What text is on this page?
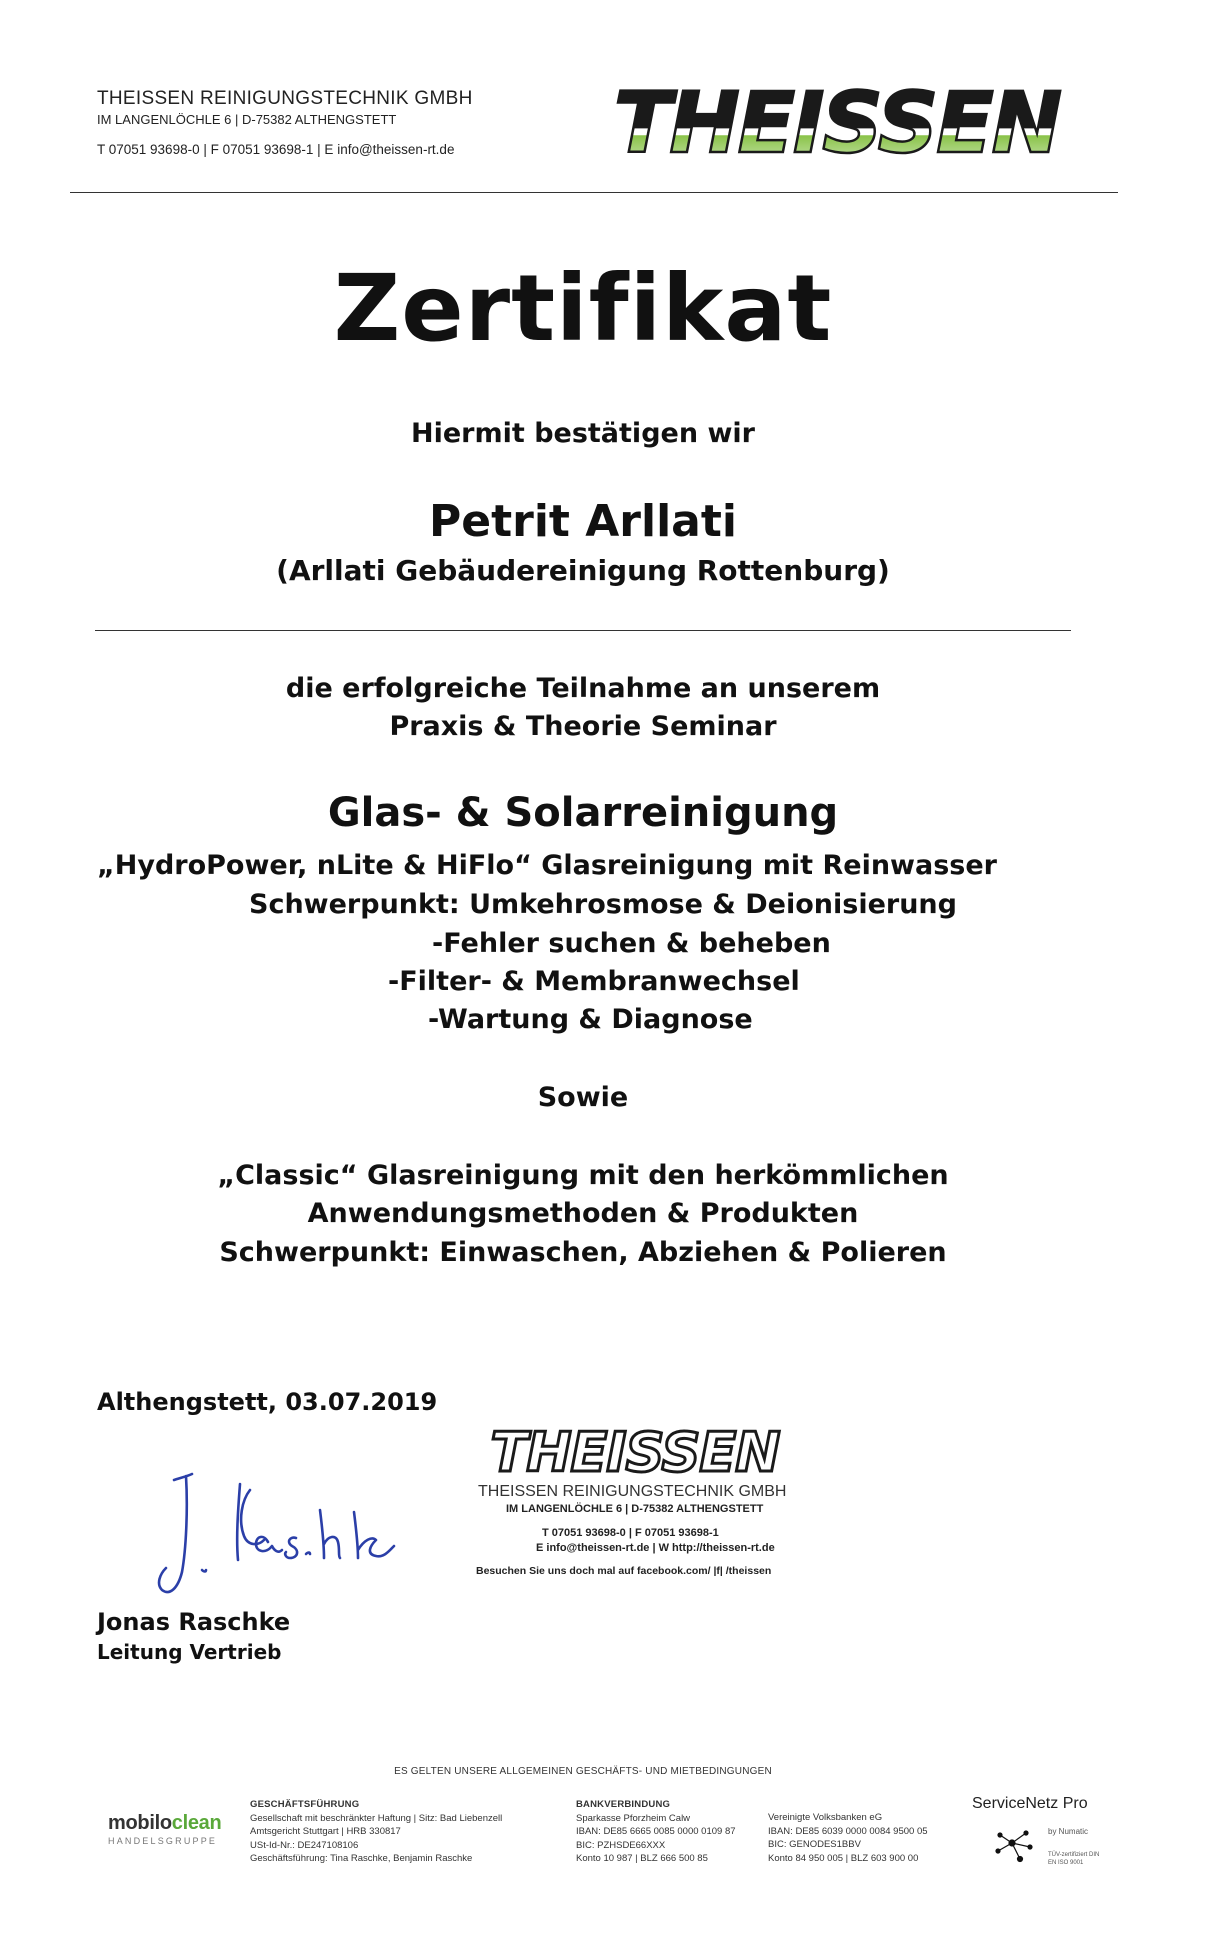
THEISSEN REINIGUNGSTECHNIK GMBH
IM LANGENLÖCHLE 6 | D-75382 ALTHENGSTETT
T 07051 93698-0 | F 07051 93698-1 | E info@theissen-rt.de THEISSEN
Zertifikat
Hiermit bestätigen wir
Petrit Arllati
(Arllati Gebäudereinigung Rottenburg)
die erfolgreiche Teilnahme an unserem
Praxis & Theorie Seminar
Glas- & Solarreinigung
„HydroPower, nLite & HiFlo“ Glasreinigung mit Reinwasser
Schwerpunkt: Umkehrosmose & Deionisierung
-Fehler suchen & beheben
-Filter- & Membranwechsel
-Wartung & Diagnose
Sowie
„Classic“ Glasreinigung mit den herkömmlichen
Anwendungsmethoden & Produkten
Schwerpunkt: Einwaschen, Abziehen & Polieren
Althengstett, 03.07.2019
Jonas Raschke
Leitung Vertrieb
THEISSEN
THEISSEN REINIGUNGSTECHNIK GMBH
IM LANGENLÖCHLE 6 | D-75382 ALTHENGSTETT
T 07051 93698-0 | F 07051 93698-1
E info@theissen-rt.de | W http://theissen-rt.de
Besuchen Sie uns doch mal auf facebook.com/ |f| /theissen
ES GELTEN UNSERE ALLGEMEINEN GESCHÄFTS- UND MIETBEDINGUNGEN
mobiloclean
HANDELSGRUPPE
GESCHÄFTSFÜHRUNG
Gesellschaft mit beschränkter Haftung | Sitz: Bad Liebenzell
Amtsgericht Stuttgart | HRB 330817
USt-Id-Nr.: DE247108106
Geschäftsführung: Tina Raschke, Benjamin Raschke
BANKVERBINDUNG
Sparkasse Pforzheim Calw
IBAN: DE85 6665 0085 0000 0109 87
BIC: PZHSDE66XXX
Konto 10 987 | BLZ 666 500 85
Vereinigte Volksbanken eG
IBAN: DE85 6039 0000 0084 9500 05
BIC: GENODES1BBV
Konto 84 950 005 | BLZ 603 900 00
ServiceNetz Pro
by Numatic
TÜV-zertifiziert DIN EN ISO 9001
